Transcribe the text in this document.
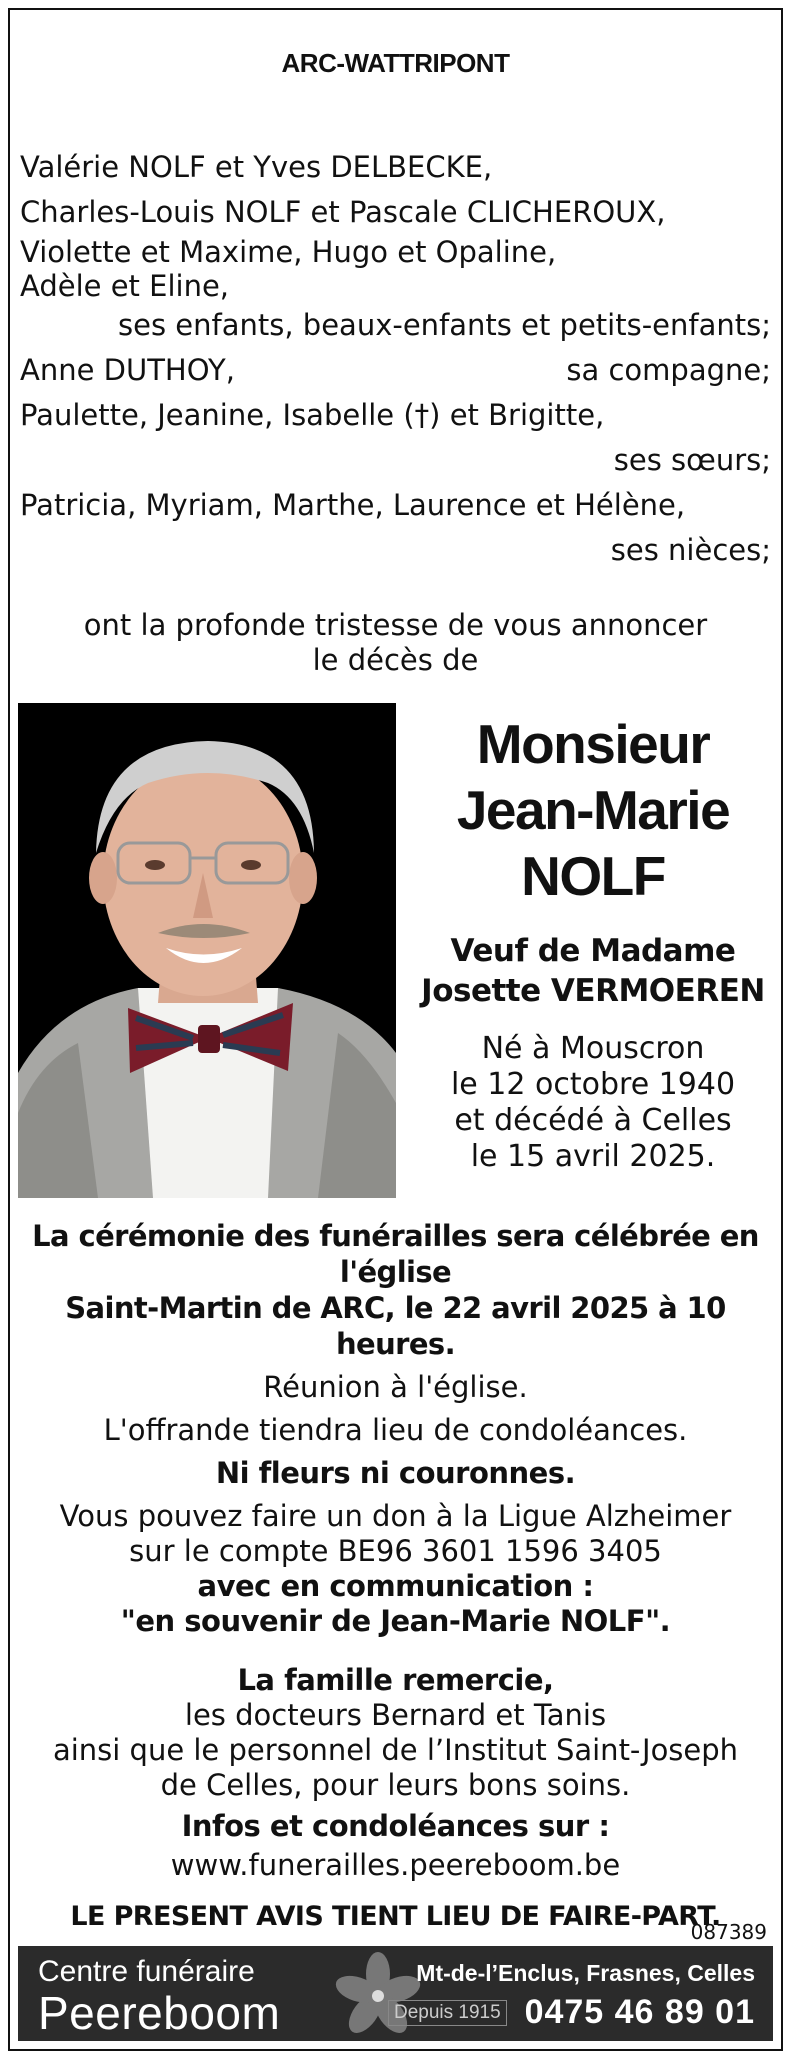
ARC-WATTRIPONT
Valérie NOLF et Yves DELBECKE,
Charles-Louis NOLF et Pascale CLICHEROUX,
Violette et Maxime, Hugo et Opaline,
Adèle et Eline,
ses enfants, beaux-enfants et petits-enfants;
Anne DUTHOY,	sa compagne;
Paulette, Jeanine, Isabelle (†) et Brigitte,
ses sœurs;
Patricia, Myriam, Marthe, Laurence et Hélène,
ses nièces;
ont la profonde tristesse de vous annoncer
le décès de
Monsieur
Jean-Marie
NOLF
Veuf de Madame
Josette VERMOEREN
Né à Mouscron
le 12 octobre 1940
et décédé à Celles
le 15 avril 2025.
La cérémonie des funérailles sera célébrée en l'église
Saint-Martin de ARC, le 22 avril 2025 à 10 heures.
Réunion à l'église.
L'offrande tiendra lieu de condoléances.
Ni fleurs ni couronnes.
Vous pouvez faire un don à la Ligue Alzheimer
sur le compte BE96 3601 1596 3405
avec en communication :
"en souvenir de Jean-Marie NOLF".
La famille remercie,
les docteurs Bernard et Tanis
ainsi que le personnel de l’Institut Saint-Joseph
de Celles, pour leurs bons soins.
Infos et condoléances sur :
www.funerailles.peereboom.be
LE PRESENT AVIS TIENT LIEU DE FAIRE-PART.
087389
Centre funéraire
Peereboom	Depuis 1915
Mt-de-l’Enclus, Frasnes, Celles
0475 46 89 01
